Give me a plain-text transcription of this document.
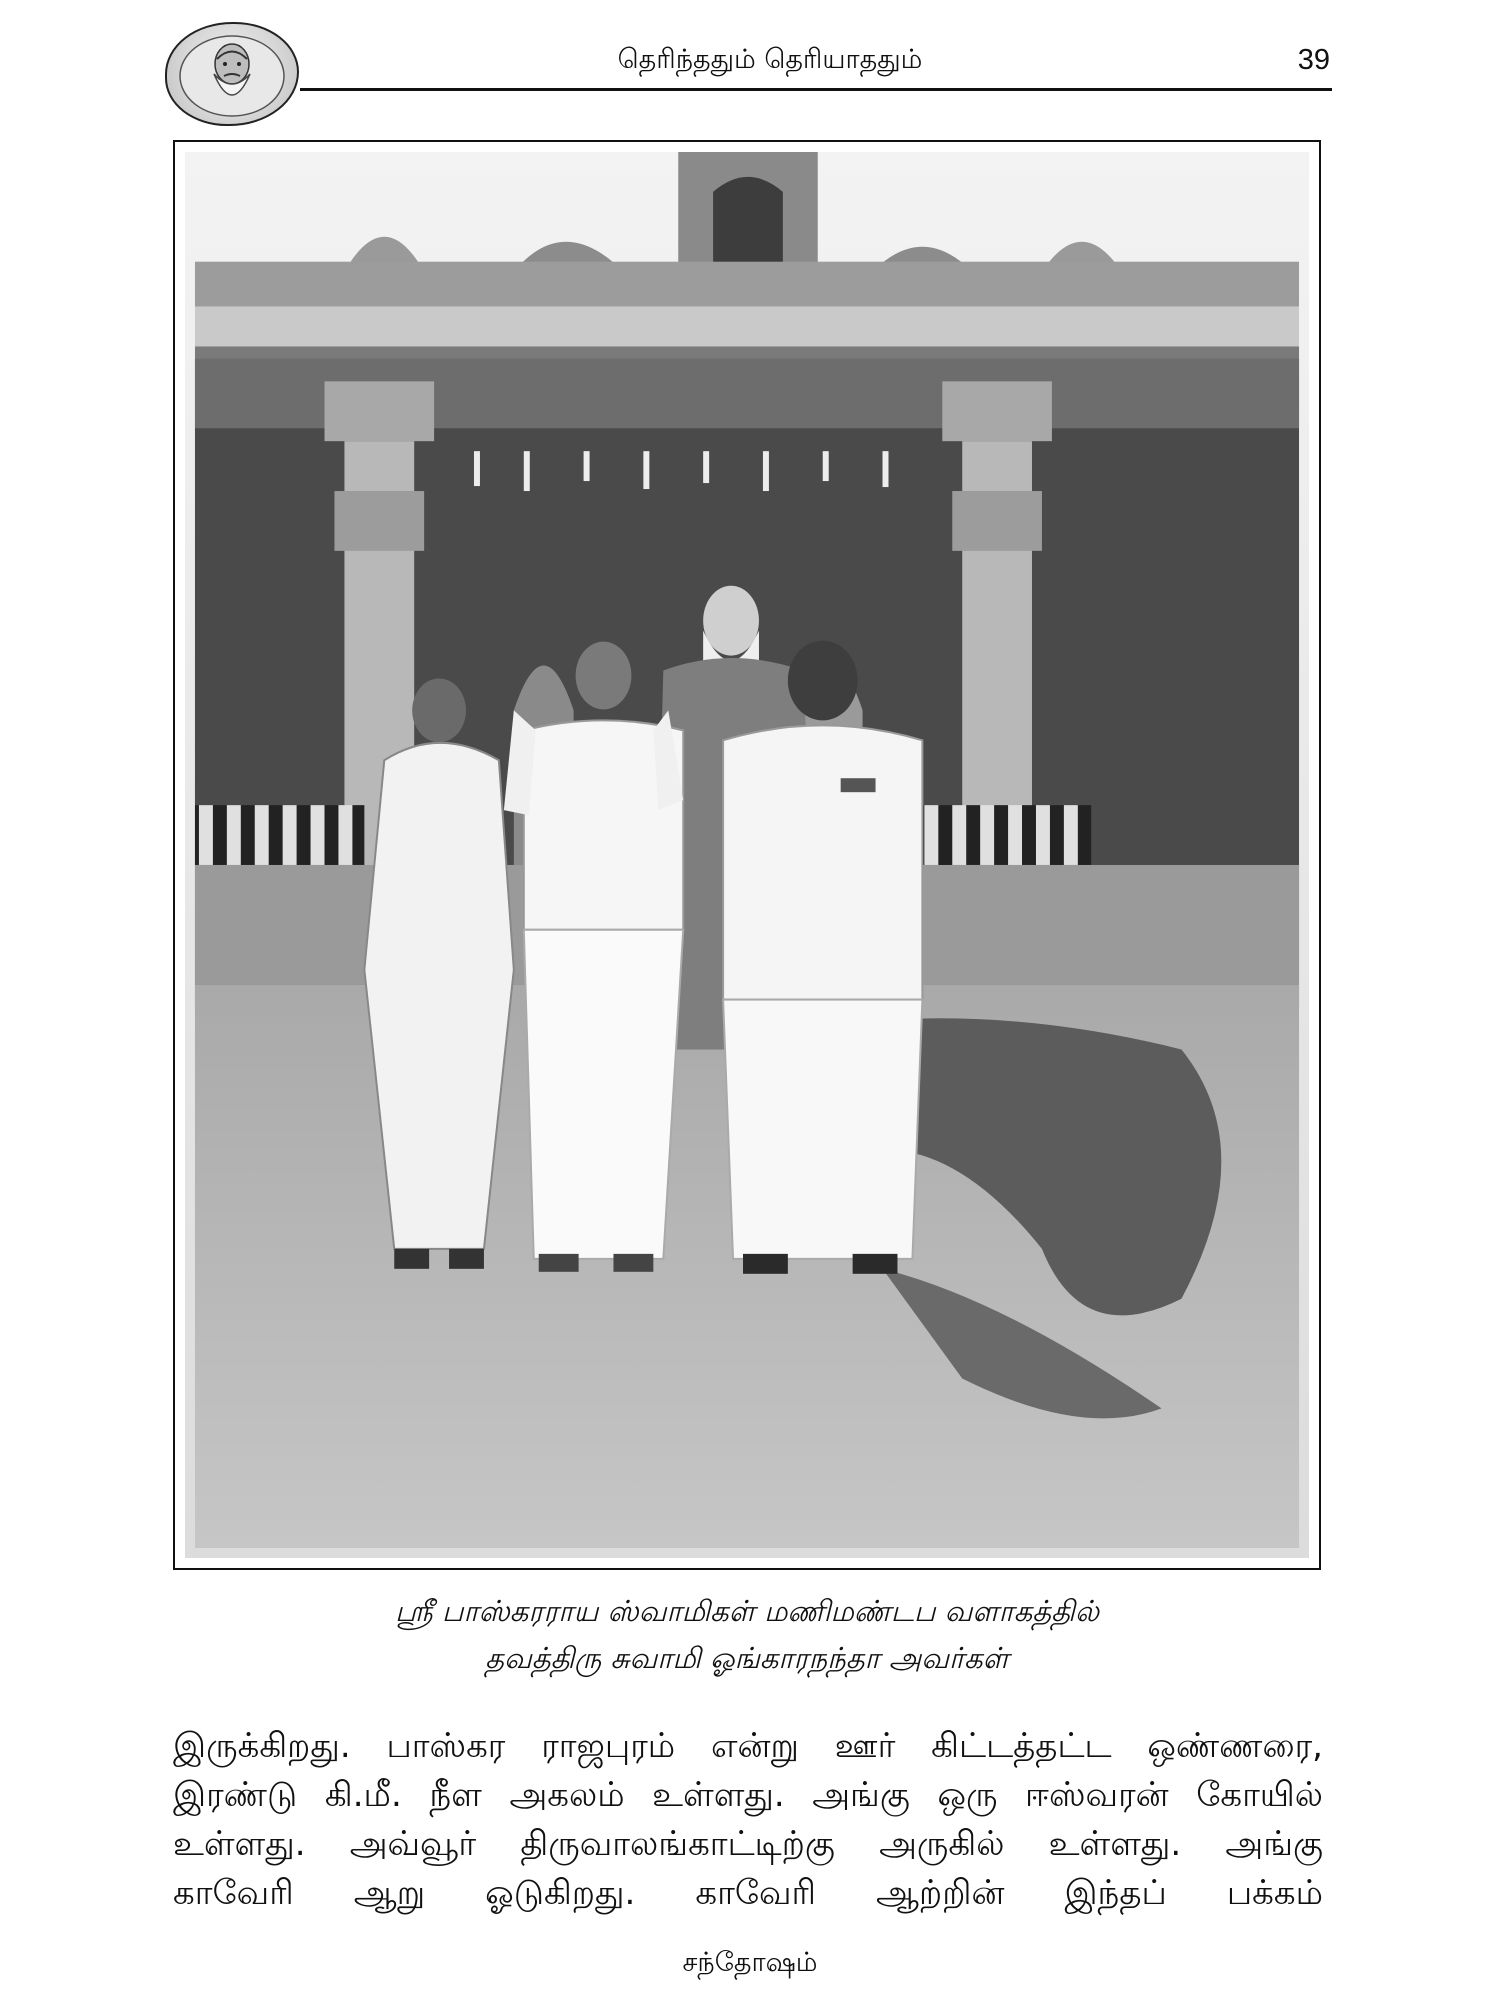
தெரிந்ததும் தெரியாததும்	39
ஸ்ரீ பாஸ்கரராய ஸ்வாமிகள் மணிமண்டப வளாகத்தில்
தவத்திரு சுவாமி ஓங்காரநந்தா அவர்கள்
இருக்கிறது. பாஸ்கர ராஜபுரம் என்று ஊர் கிட்டத்தட்ட ஒண்ணரை,
இரண்டு கி.மீ. நீள அகலம் உள்ளது. அங்கு ஒரு ஈஸ்வரன் கோயில்
உள்ளது. அவ்வூர் திருவாலங்காட்டிற்கு அருகில் உள்ளது. அங்கு
காவேரி ஆறு ஓடுகிறது. காவேரி ஆற்றின் இந்தப் பக்கம்
சந்தோஷம்
